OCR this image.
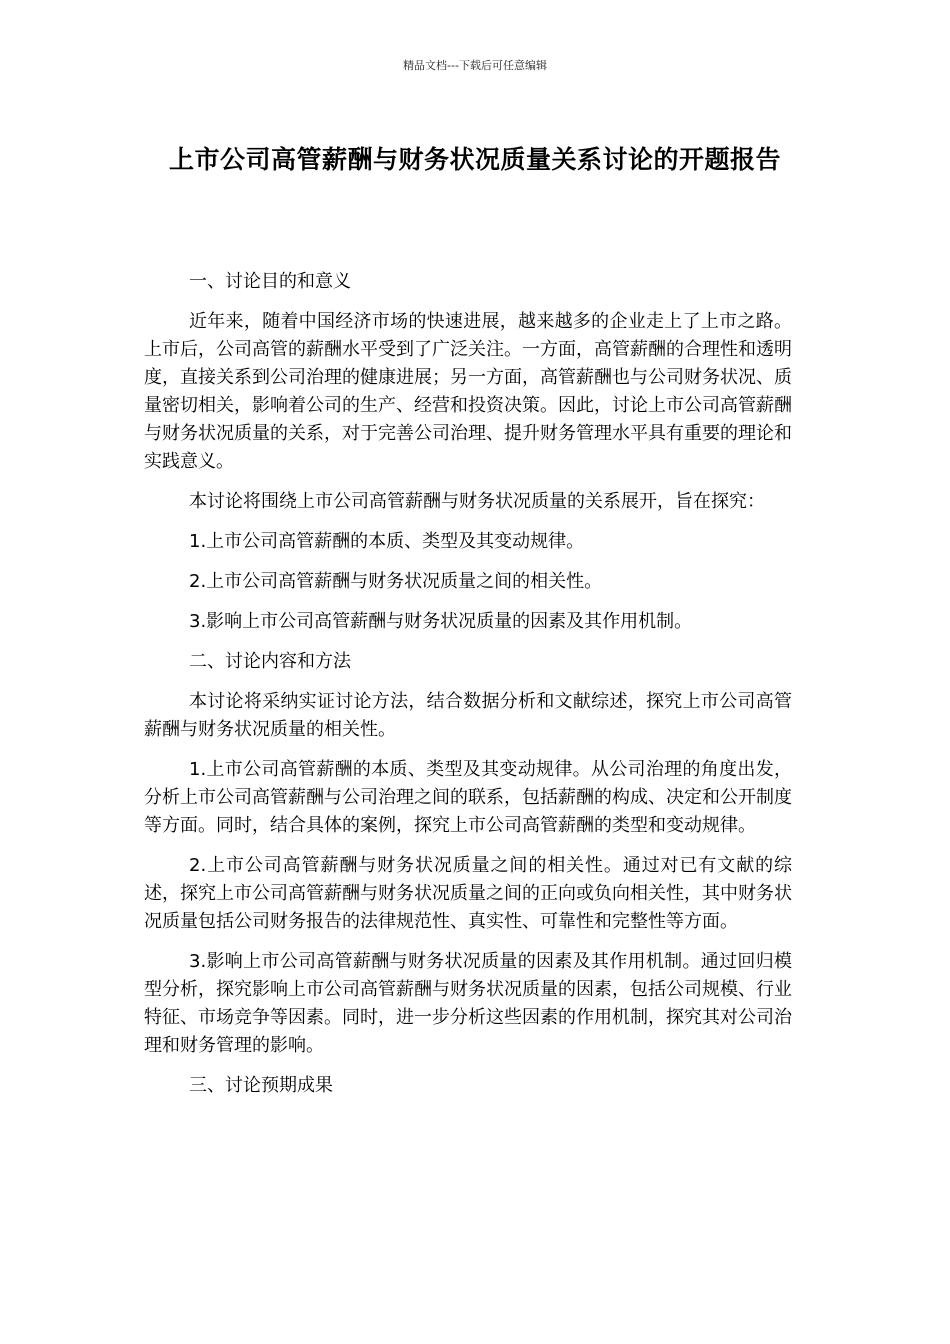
精品文档---下载后可任意编辑
上市公司高管薪酬与财务状况质量关系讨论的开题报告

一、讨论目的和意义

近年来，随着中国经济市场的快速进展，越来越多的企业走上了上市之路。上市后，公司高管的薪酬水平受到了广泛关注。一方面，高管薪酬的合理性和透明度，直接关系到公司治理的健康进展；另一方面，高管薪酬也与公司财务状况、质量密切相关，影响着公司的生产、经营和投资决策。因此，讨论上市公司高管薪酬与财务状况质量的关系，对于完善公司治理、提升财务管理水平具有重要的理论和实践意义。

本讨论将围绕上市公司高管薪酬与财务状况质量的关系展开，旨在探究：

1.上市公司高管薪酬的本质、类型及其变动规律。

2.上市公司高管薪酬与财务状况质量之间的相关性。

3.影响上市公司高管薪酬与财务状况质量的因素及其作用机制。

二、讨论内容和方法

本讨论将采纳实证讨论方法，结合数据分析和文献综述，探究上市公司高管薪酬与财务状况质量的相关性。

1.上市公司高管薪酬的本质、类型及其变动规律。从公司治理的角度出发，分析上市公司高管薪酬与公司治理之间的联系，包括薪酬的构成、决定和公开制度等方面。同时，结合具体的案例，探究上市公司高管薪酬的类型和变动规律。

2.上市公司高管薪酬与财务状况质量之间的相关性。通过对已有文献的综述，探究上市公司高管薪酬与财务状况质量之间的正向或负向相关性，其中财务状况质量包括公司财务报告的法律规范性、真实性、可靠性和完整性等方面。

3.影响上市公司高管薪酬与财务状况质量的因素及其作用机制。通过回归模型分析，探究影响上市公司高管薪酬与财务状况质量的因素，包括公司规模、行业特征、市场竞争等因素。同时，进一步分析这些因素的作用机制，探究其对公司治理和财务管理的影响。

三、讨论预期成果
